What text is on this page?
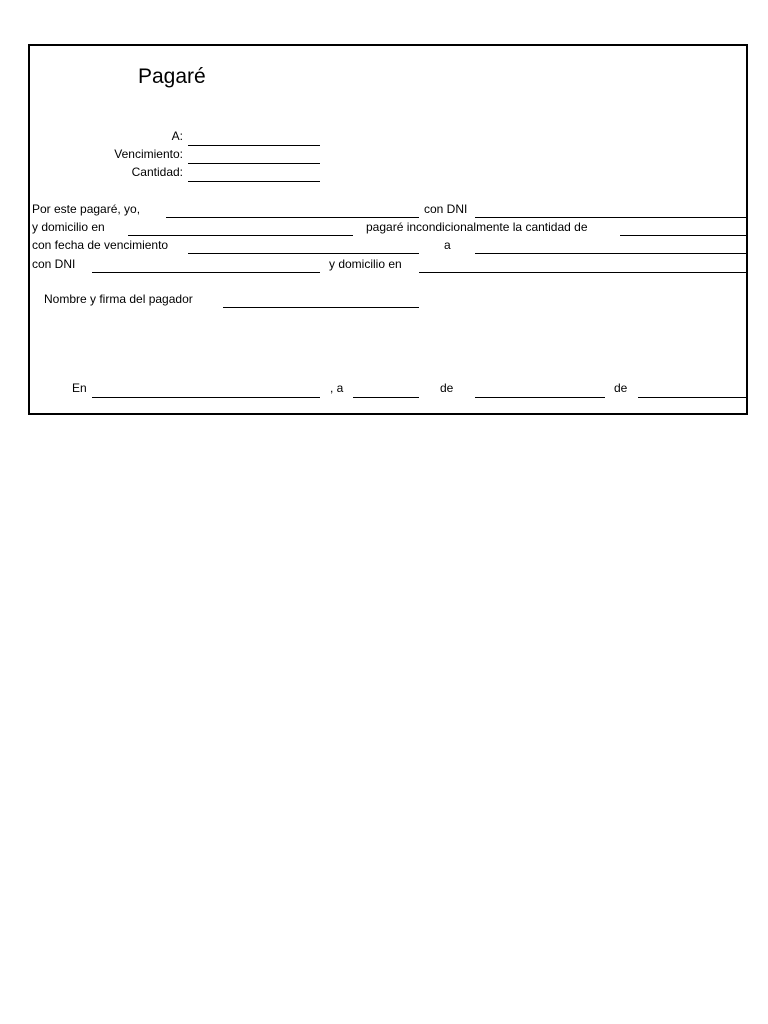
Pagaré
A:
Vencimiento:
Cantidad:
Por este pagaré, yo,	con DNI
y domicilio en	pagaré incondicionalmente la cantidad de
con fecha de vencimiento	a
con DNI	y domicilio en
Nombre y firma del pagador
En	, a	de	de
